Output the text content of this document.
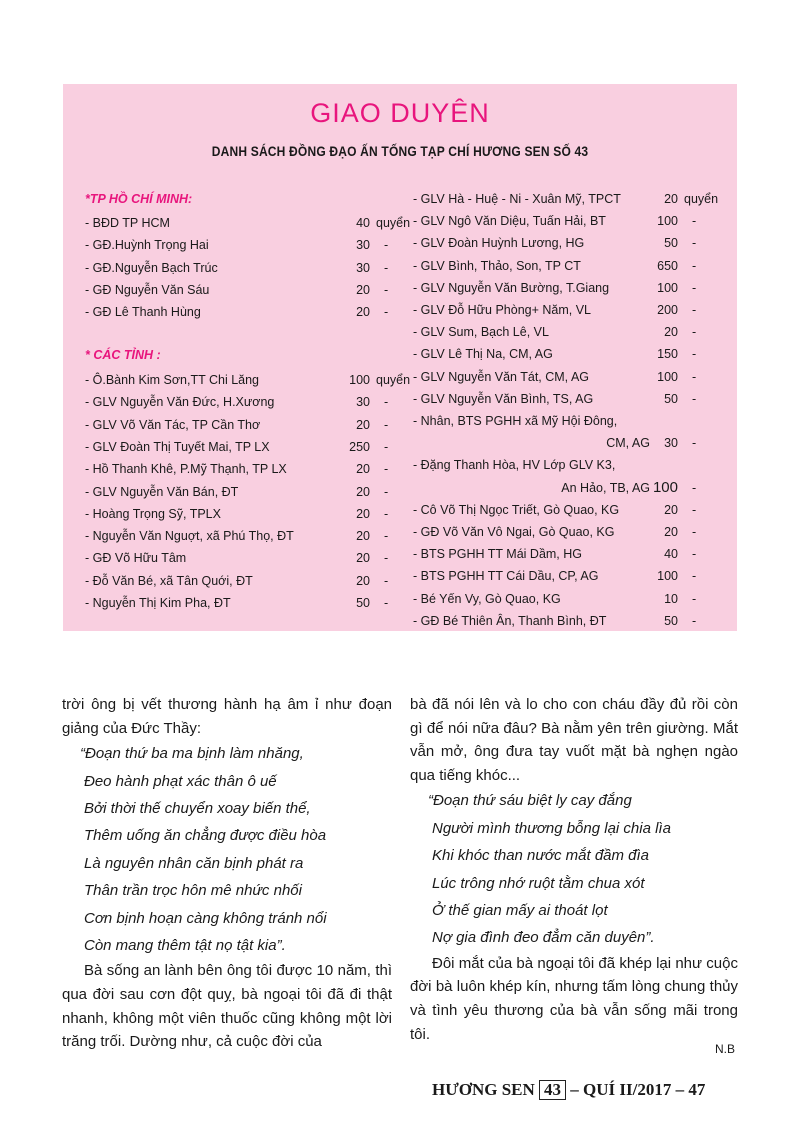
GIAO DUYÊN
DANH SÁCH ĐỒNG ĐẠO ẤN TỐNG TẠP CHÍ HƯƠNG SEN SỐ 43
*TP HỒ CHÍ MINH:
- BĐD TP HCM	40 quyển
- GĐ.Huỳnh Trọng Hai	30 -
- GĐ.Nguyễn Bạch Trúc	30 -
- GĐ Nguyễn Văn Sáu	20 -
- GĐ Lê Thanh Hùng	20 -
* CÁC TỈNH :
- Ô.Bành Kim Sơn,TT Chi Lăng	100 quyển
- GLV Nguyễn Văn Đức, H.Xương	30 -
- GLV Võ Văn Tác, TP Cần Thơ	20 -
- GLV Đoàn Thị Tuyết Mai, TP LX	250 -
- Hồ Thanh Khê, P.Mỹ Thạnh, TP LX	20 -
- GLV Nguyễn Văn Bán, ĐT	20 -
- Hoàng Trọng Sỹ, TPLX	20 -
- Nguyễn Văn Nguợt, xã Phú Thọ, ĐT	20 -
- GĐ Võ Hữu Tâm	20 -
- Đỗ Văn Bé, xã Tân Quới, ĐT	20 -
- Nguyễn Thị Kim Pha, ĐT	50 -
- GLV Hà - Huệ - Ni - Xuân Mỹ, TPCT	20 quyển
- GLV Ngô Văn Diệu, Tuấn Hải, BT	100 -
- GLV Đoàn Huỳnh Lương, HG	50 -
- GLV Bình, Thảo, Son, TP CT	650 -
- GLV Nguyễn Văn Bường, T.Giang	100 -
- GLV Đỗ Hữu Phòng+ Năm, VL	200 -
- GLV Sum, Bạch Lê, VL	20 -
- GLV Lê Thị Na, CM, AG	150 -
- GLV Nguyễn Văn Tát, CM, AG	100 -
- GLV Nguyễn Văn Bình, TS, AG	50 -
- Nhân, BTS PGHH xã Mỹ Hội Đông,
CM, AG	30 -
- Đặng Thanh Hòa, HV Lớp GLV K3,
An Hảo, TB, AG 100 -
- Cô Võ Thị Ngọc Triết, Gò Quao, KG	20 -
- GĐ Võ Văn Vô Ngai, Gò Quao, KG	20 -
- BTS PGHH TT Mái Dầm, HG	40 -
- BTS PGHH TT Cái Dầu, CP, AG	100 -
- Bé Yến Vy, Gò Quao, KG	10 -
- GĐ Bé Thiên Ân, Thanh Bình, ĐT	50 -

trời ông bị vết thương hành hạ âm ỉ như đoạn giảng của Đức Thầy:

“Đoạn thứ ba ma bịnh làm nhăng,
Đeo hành phạt xác thân ô uế
Bởi thời thế chuyển xoay biến thể,
Thêm uống ăn chẳng được điều hòa
Là nguyên nhân căn bịnh phát ra
Thân trần trọc hôn mê nhức nhối
Cơn bịnh hoạn càng không tránh nổi
Còn mang thêm tật nọ tật kia”.

Bà sống an lành bên ông tôi được 10 năm, thì qua đời sau cơn đột quỵ, bà ngoại tôi đã đi thật nhanh, không một viên thuốc cũng không một lời trăng trối. Dường như, cả cuộc đời của

bà đã nói lên và lo cho con cháu đầy đủ rồi còn gì để nói nữa đâu? Bà nằm yên trên giường. Mắt vẫn mở, ông đưa tay vuốt mặt bà nghẹn ngào qua tiếng khóc...

“Đoạn thứ sáu biệt ly cay đắng
Người mình thương bỗng lại chia lìa
Khi khóc than nước mắt đầm đìa
Lúc trông nhớ ruột tằm chua xót
Ở thế gian mấy ai thoát lọt
Nợ gia đình đeo đẳm căn duyên”.

Đôi mắt của bà ngoại tôi đã khép lại như cuộc đời bà luôn khép kín, nhưng tấm lòng chung thủy và tình yêu thương của bà vẫn sống mãi trong tôi.

N.B
HƯƠNG SEN 43 – QUÍ II/2017 – 47
